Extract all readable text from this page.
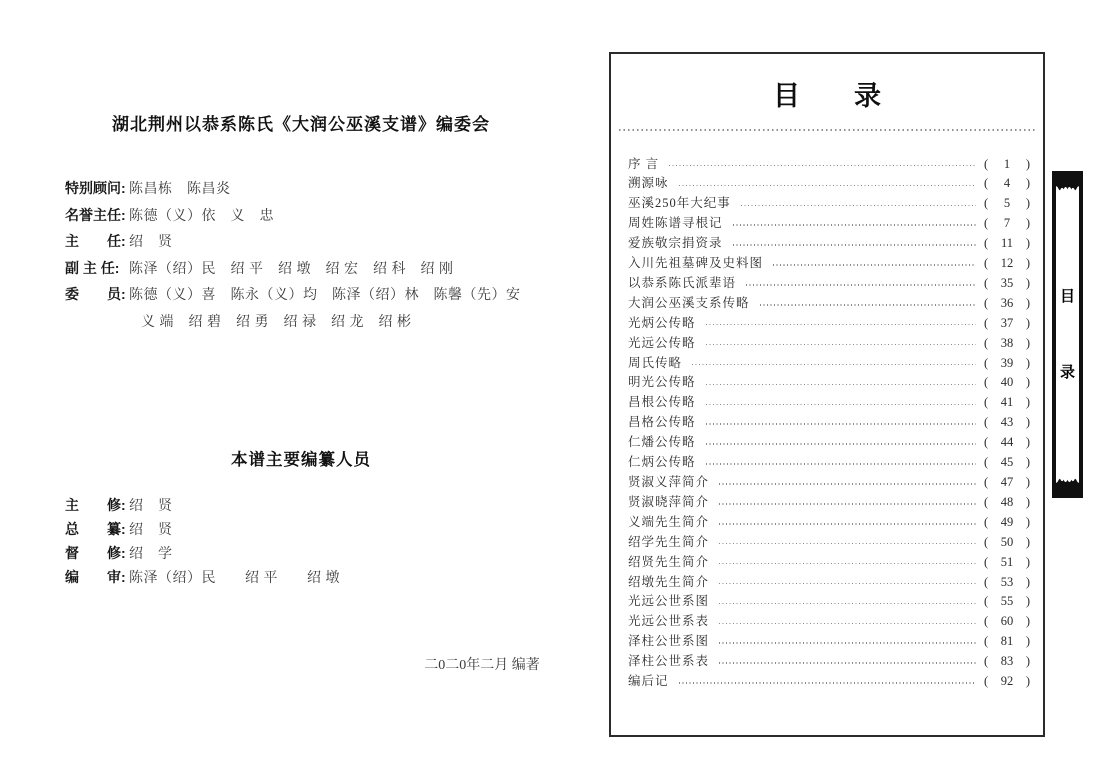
湖北荆州以恭系陈氏《大润公巫溪支谱》编委会
特别顾问: 陈昌栋　陈昌炎
名誉主任: 陈德（义）依　义　忠
主　　任: 绍　贤
副 主 任: 陈泽（绍）民　绍 平　绍 墩　绍 宏　绍 科　绍 刚
委　　员: 陈德（义）喜　陈永（义）均　陈泽（绍）林　陈馨（先）安
义 端　绍 碧　绍 勇　绍 禄　绍 龙　绍 彬
本谱主要编纂人员
主　　修: 绍　贤
总　　纂: 绍　贤
督　　修: 绍　学
编　　审: 陈泽（绍）民　　绍 平　　绍 墩
二0二0年二月 编著
目　　录
序 言	( 1 )
溯源咏	( 4 )
巫溪250年大纪事	( 5 )
周姓陈谱寻根记	( 7 )
爱族敬宗捐资录	( 11 )
入川先祖墓碑及史料图	( 12 )
以恭系陈氏派辈语	( 35 )
大润公巫溪支系传略	( 36 )
光炳公传略	( 37 )
光远公传略	( 38 )
周氏传略	( 39 )
明光公传略	( 40 )
昌根公传略	( 41 )
昌格公传略	( 43 )
仁燔公传略	( 44 )
仁炳公传略	( 45 )
贤淑义萍简介	( 47 )
贤淑晓萍简介	( 48 )
义端先生简介	( 49 )
绍学先生简介	( 50 )
绍贤先生简介	( 51 )
绍墩先生简介	( 53 )
光远公世系图	( 55 )
光远公世系表	( 60 )
泽柱公世系图	( 81 )
泽柱公世系表	( 83 )
编后记	( 92 )
目
录
